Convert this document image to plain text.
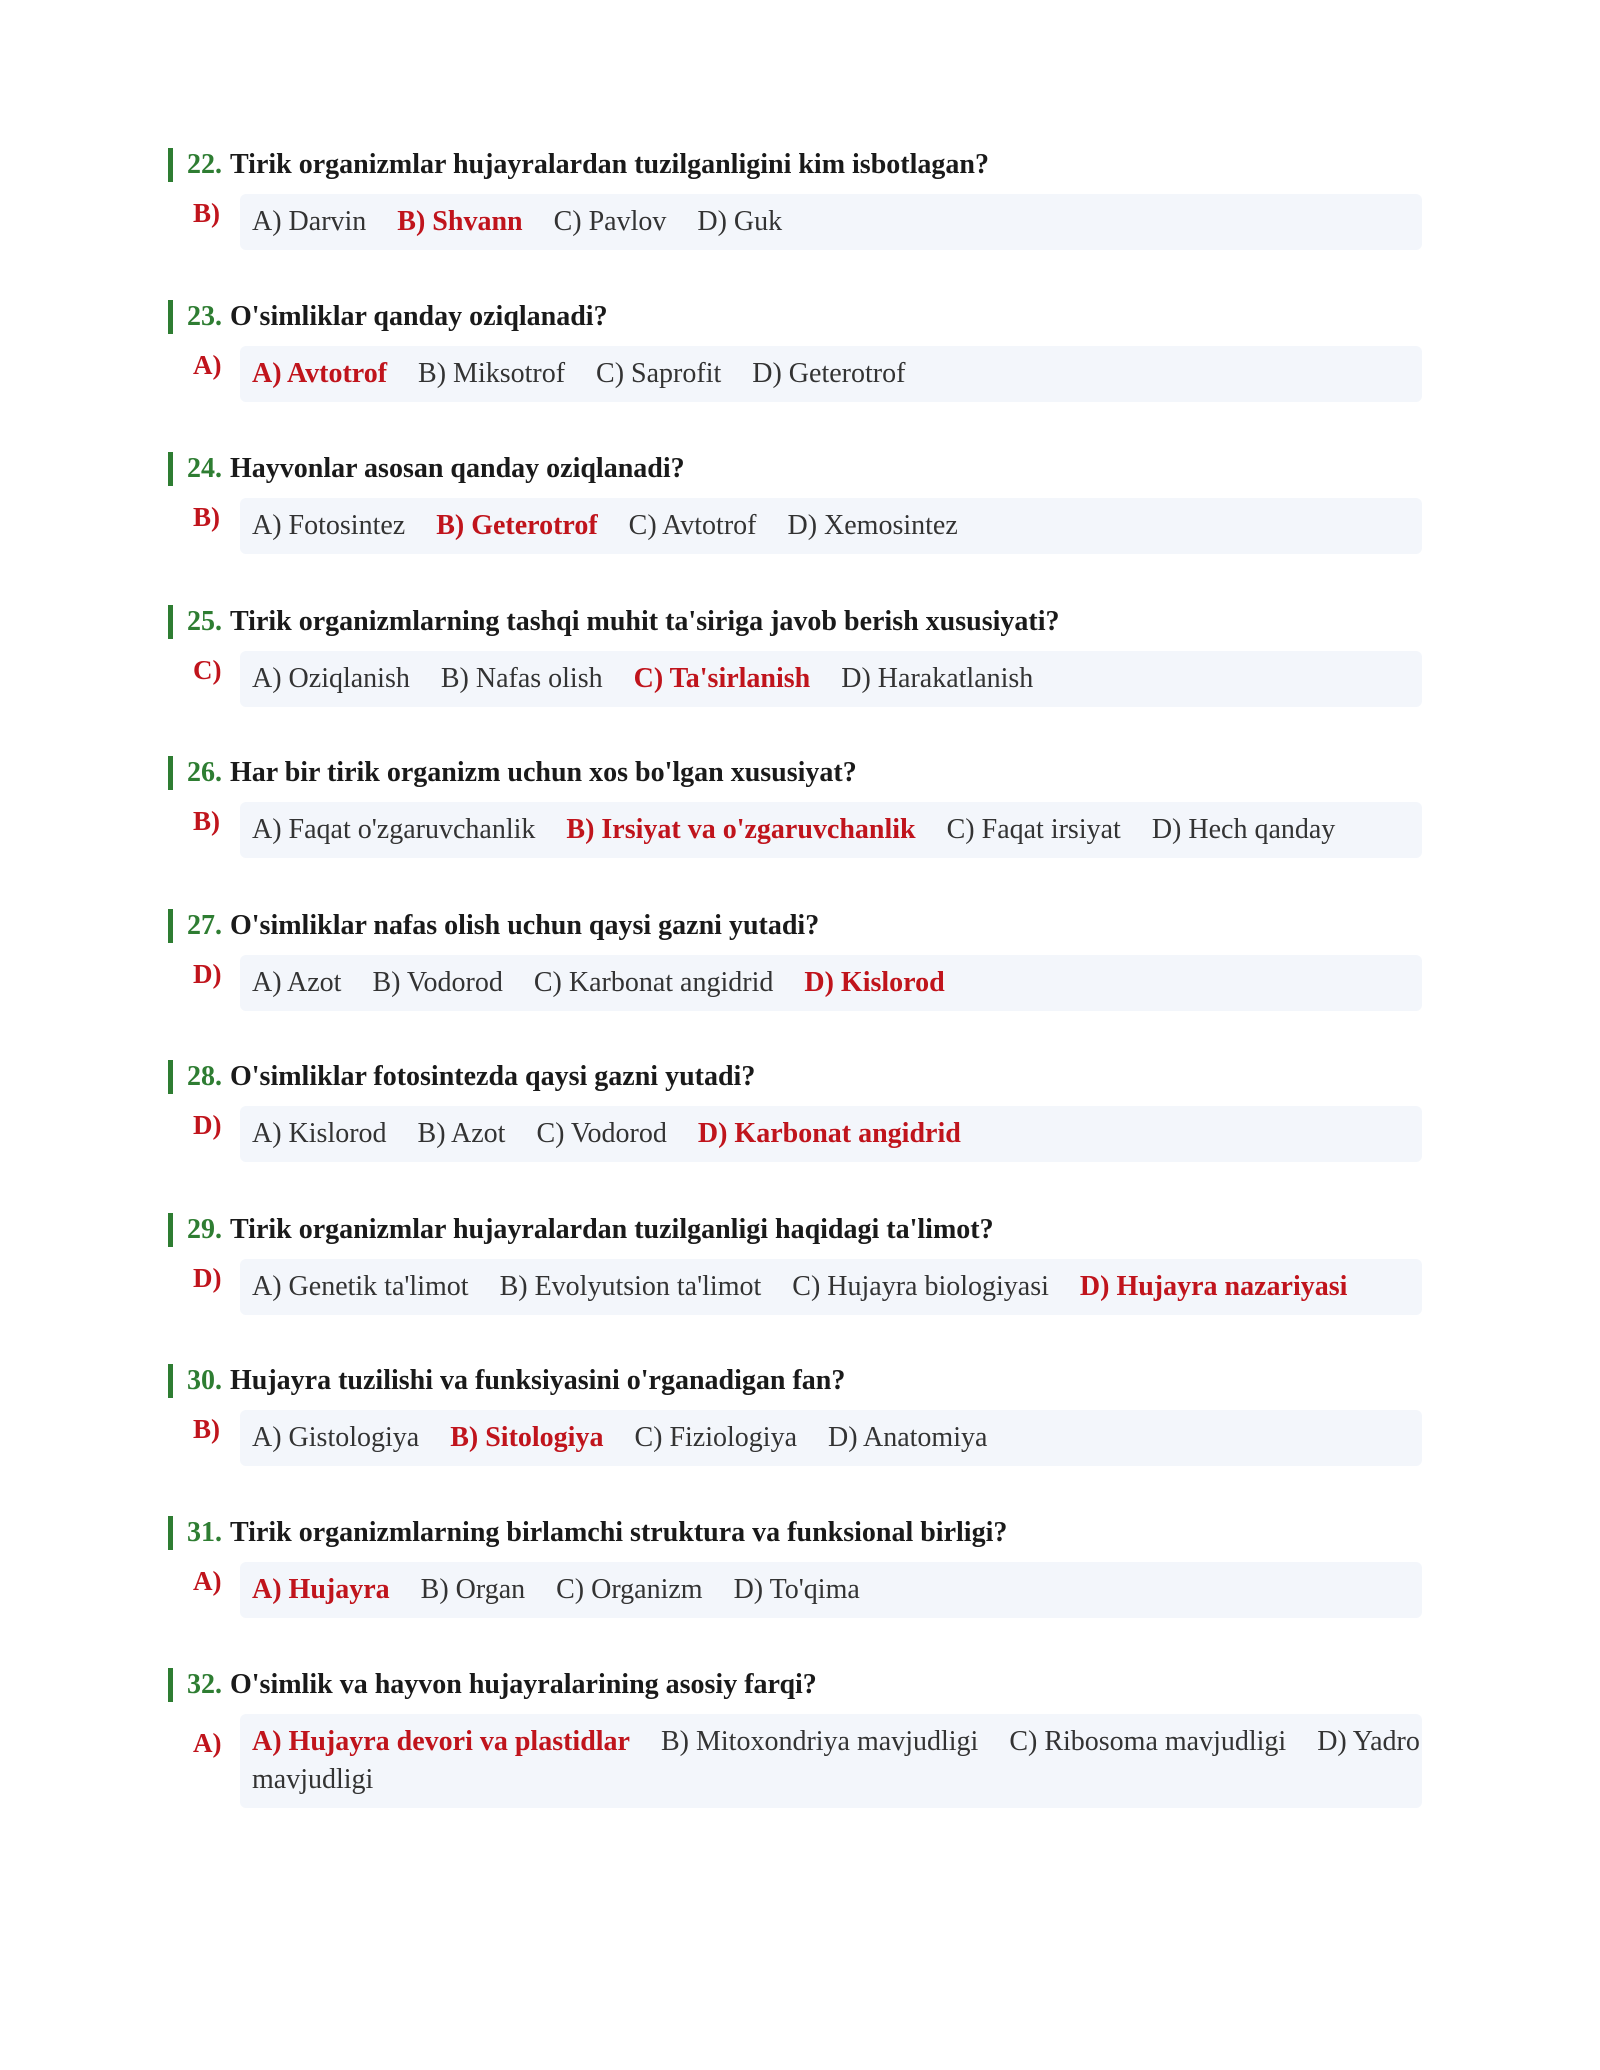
22. Tirik organizmlar hujayralardan tuzilganligini kim isbotlagan?
B)	A) Darvin B) Shvann C) Pavlov D) Guk
23. O'simliklar qanday oziqlanadi?
A)	A) Avtotrof B) Miksotrof C) Saprofit D) Geterotrof
24. Hayvonlar asosan qanday oziqlanadi?
B)	A) Fotosintez B) Geterotrof C) Avtotrof D) Xemosintez
25. Tirik organizmlarning tashqi muhit ta'siriga javob berish xususiyati?
C)	A) Oziqlanish B) Nafas olish C) Ta'sirlanish D) Harakatlanish
26. Har bir tirik organizm uchun xos bo'lgan xususiyat?
B)	A) Faqat o'zgaruvchanlik B) Irsiyat va o'zgaruvchanlik C) Faqat irsiyat D) Hech qanday
27. O'simliklar nafas olish uchun qaysi gazni yutadi?
D)	A) Azot B) Vodorod C) Karbonat angidrid D) Kislorod
28. O'simliklar fotosintezda qaysi gazni yutadi?
D)	A) Kislorod B) Azot C) Vodorod D) Karbonat angidrid
29. Tirik organizmlar hujayralardan tuzilganligi haqidagi ta'limot?
D)	A) Genetik ta'limot B) Evolyutsion ta'limot C) Hujayra biologiyasi D) Hujayra nazariyasi
30. Hujayra tuzilishi va funksiyasini o'rganadigan fan?
B)	A) Gistologiya B) Sitologiya C) Fiziologiya D) Anatomiya
31. Tirik organizmlarning birlamchi struktura va funksional birligi?
A)	A) Hujayra B) Organ C) Organizm D) To'qima
32. O'simlik va hayvon hujayralarining asosiy farqi?
A)	A) Hujayra devori va plastidlar B) Mitoxondriya mavjudligi C) Ribosoma mavjudligi D) Yadro mavjudligi
